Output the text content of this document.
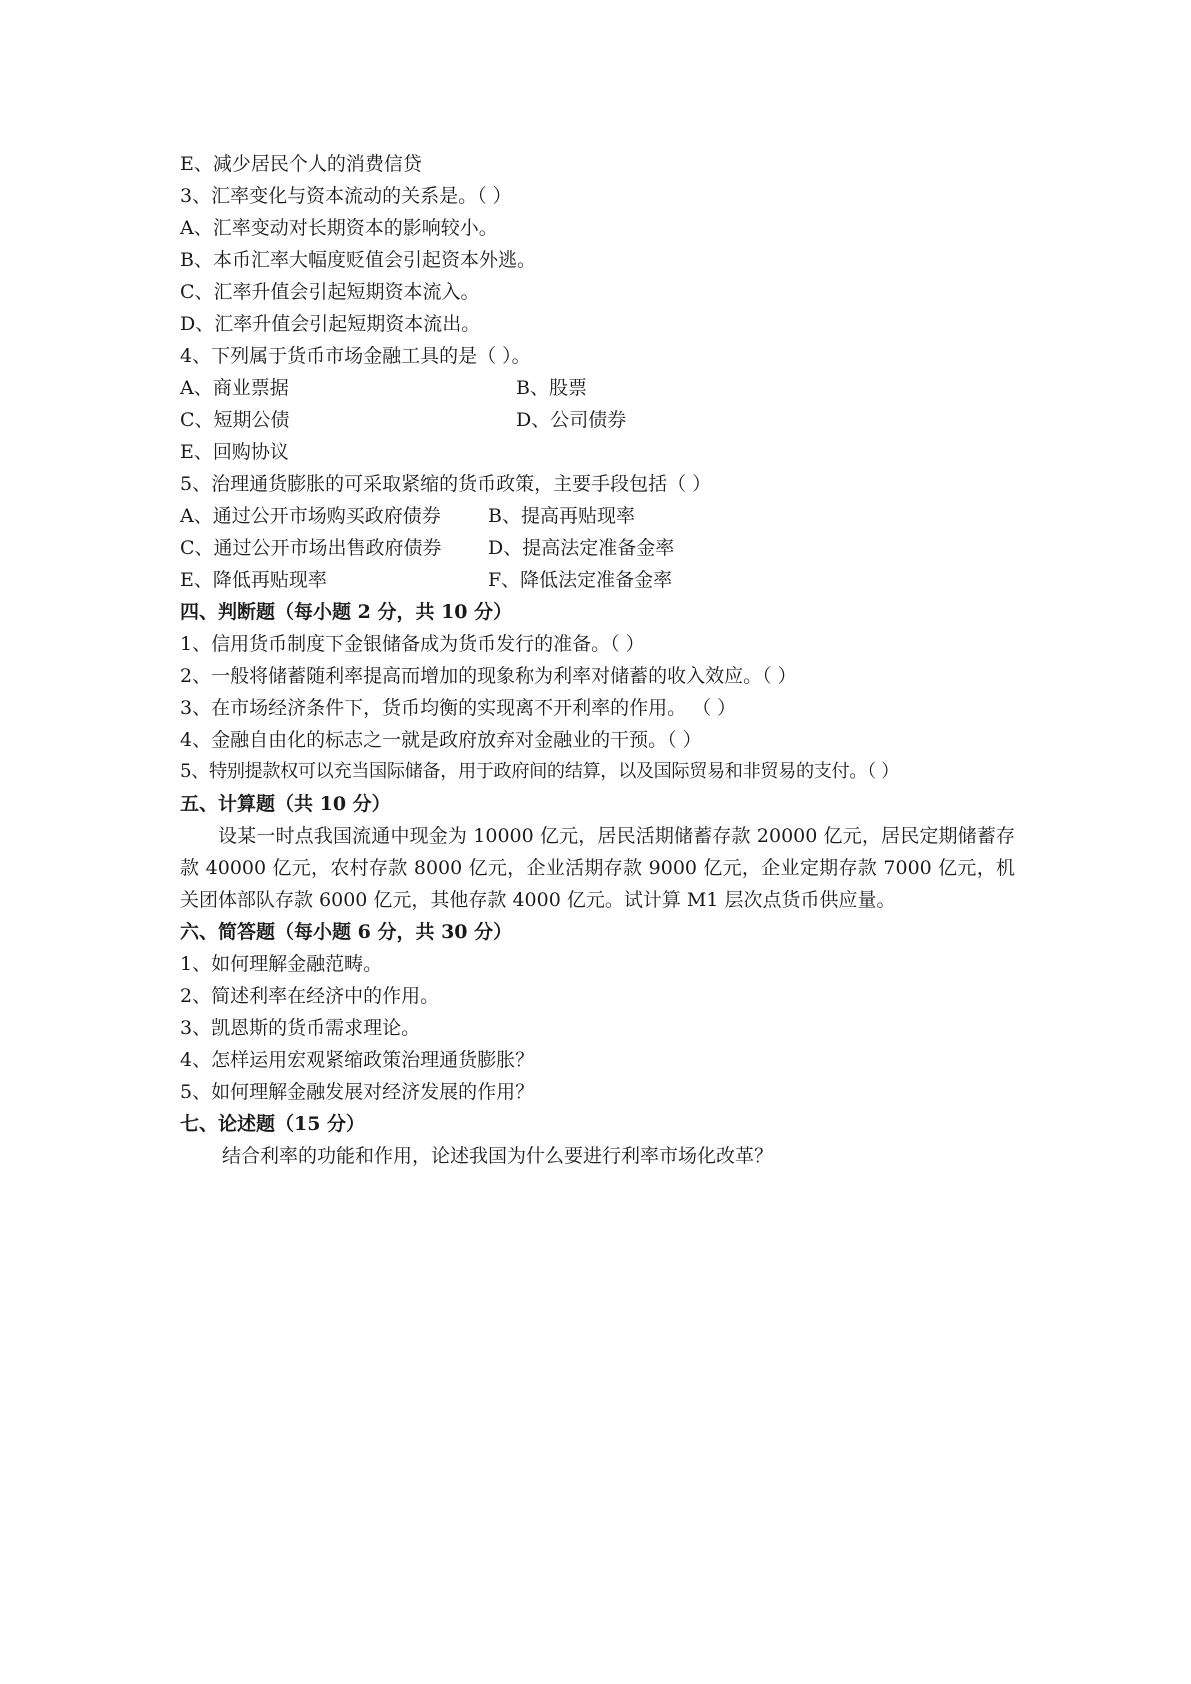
E、减少居民个人的消费信贷
3、汇率变化与资本流动的关系是。（ ）
A、汇率变动对长期资本的影响较小。
B、本币汇率大幅度贬值会引起资本外逃。
C、汇率升值会引起短期资本流入。
D、汇率升值会引起短期资本流出。
4、下列属于货币市场金融工具的是（ ）。
A、商业票据	B、股票
C、短期公债	D、公司债券
E、回购协议
5、治理通货膨胀的可采取紧缩的货币政策，主要手段包括（ ）
A、通过公开市场购买政府债券	B、提高再贴现率
C、通过公开市场出售政府债券	D、提高法定准备金率
E、降低再贴现率	F、降低法定准备金率
四、判断题（每小题 2 分，共 10 分）
1、信用货币制度下金银储备成为货币发行的准备。（ ）
2、一般将储蓄随利率提高而增加的现象称为利率对储蓄的收入效应。（ ）
3、在市场经济条件下，货币均衡的实现离不开利率的作用。 （ ）
4、金融自由化的标志之一就是政府放弃对金融业的干预。（ ）
5、特别提款权可以充当国际储备，用于政府间的结算，以及国际贸易和非贸易的支付。（ ）
五、计算题（共 10 分）
设某一时点我国流通中现金为 10000 亿元，居民活期储蓄存款 20000 亿元，居民定期储蓄存款 40000 亿元，农村存款 8000 亿元，企业活期存款 9000 亿元，企业定期存款 7000 亿元，机关团体部队存款 6000 亿元，其他存款 4000 亿元。试计算 M1 层次点货币供应量。
六、简答题（每小题 6 分，共 30 分）
1、如何理解金融范畴。
2、简述利率在经济中的作用。
3、凯恩斯的货币需求理论。
4、怎样运用宏观紧缩政策治理通货膨胀？
5、如何理解金融发展对经济发展的作用？
七、论述题（15 分）
结合利率的功能和作用，论述我国为什么要进行利率市场化改革？
